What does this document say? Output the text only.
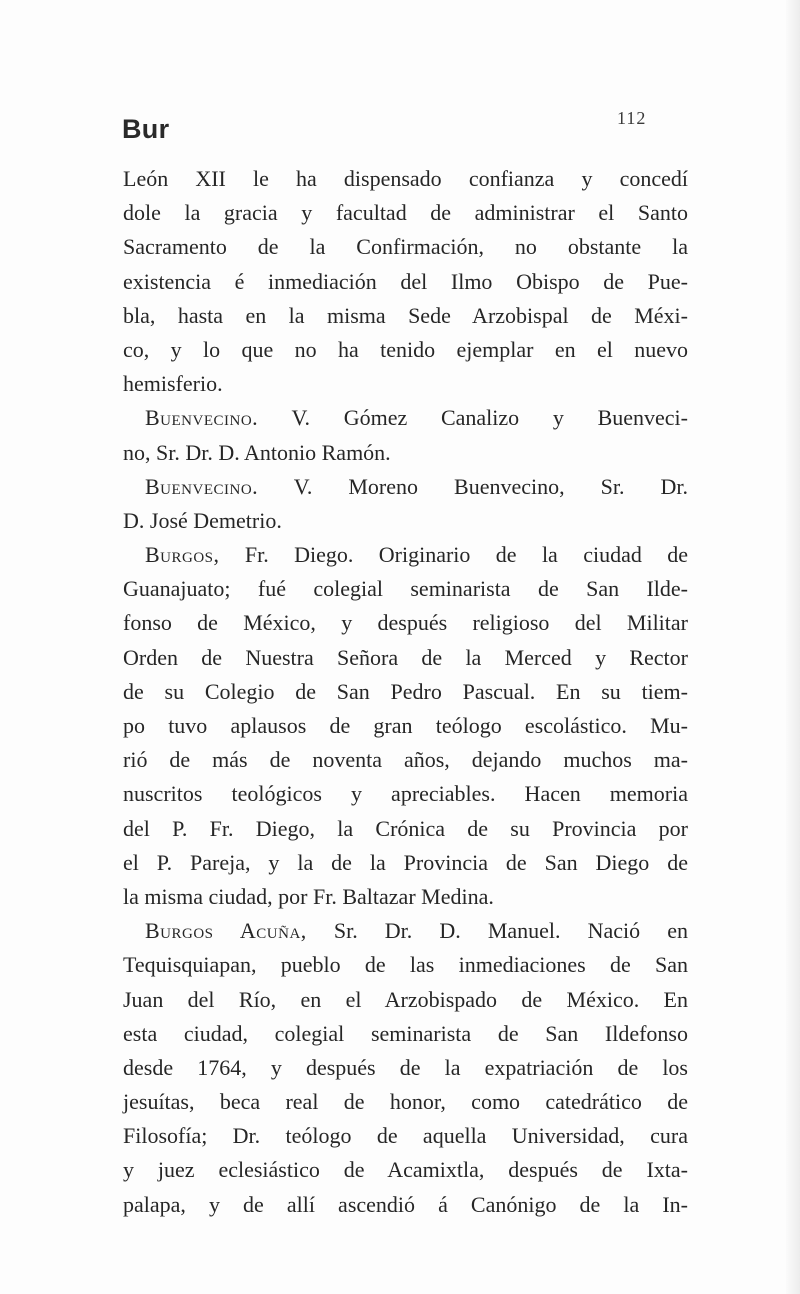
Bur	112
León XII le ha dispensado confianza y concedí
dole la gracia y facultad de administrar el Santo
Sacramento de la Confirmación, no obstante la
existencia é inmediación del Ilmo Obispo de Pue-
bla, hasta en la misma Sede Arzobispal de Méxi-
co, y lo que no ha tenido ejemplar en el nuevo
hemisferio.
Buenvecino. V. Gómez Canalizo y Buenveci-
no, Sr. Dr. D. Antonio Ramón.
Buenvecino. V. Moreno Buenvecino, Sr. Dr.
D. José Demetrio.
Burgos, Fr. Diego. Originario de la ciudad de
Guanajuato; fué colegial seminarista de San Ilde-
fonso de México, y después religioso del Militar
Orden de Nuestra Señora de la Merced y Rector
de su Colegio de San Pedro Pascual. En su tiem-
po tuvo aplausos de gran teólogo escolástico. Mu-
rió de más de noventa años, dejando muchos ma-
nuscritos teológicos y apreciables. Hacen memoria
del P. Fr. Diego, la Crónica de su Provincia por
el P. Pareja, y la de la Provincia de San Diego de
la misma ciudad, por Fr. Baltazar Medina.
Burgos Acuña, Sr. Dr. D. Manuel. Nació en
Tequisquiapan, pueblo de las inmediaciones de San
Juan del Río, en el Arzobispado de México. En
esta ciudad, colegial seminarista de San Ildefonso
desde 1764, y después de la expatriación de los
jesuítas, beca real de honor, como catedrático de
Filosofía; Dr. teólogo de aquella Universidad, cura
y juez eclesiástico de Acamixtla, después de Ixta-
palapa, y de allí ascendió á Canónigo de la In-
